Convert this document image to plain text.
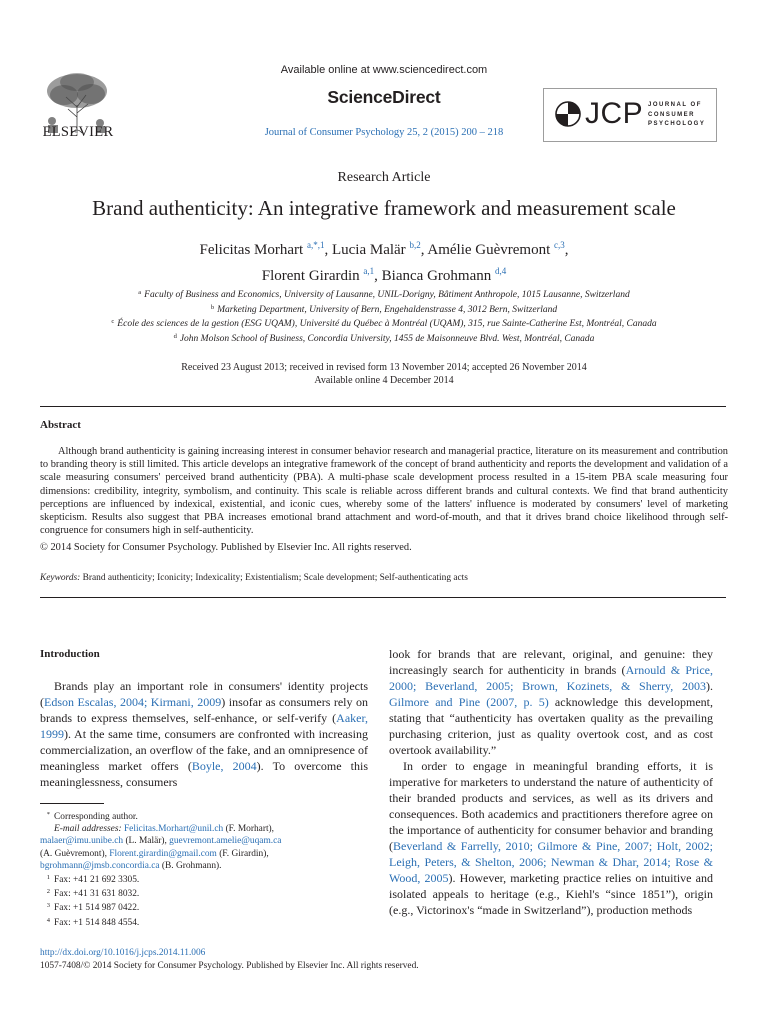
ELSEVIER
Available online at www.sciencedirect.com
ScienceDirect
Journal of Consumer Psychology 25, 2 (2015) 200 – 218
JCP JOURNAL OF
CONSUMER
PSYCHOLOGY
Research Article
Brand authenticity: An integrative framework and measurement scale
Felicitas Morhart $^{a,*,1}$, Lucia Malär $^{b,2}$, Amélie Guèvremont $^{c,3}$,
Florent Girardin $^{a,1}$, Bianca Grohmann $^{d,4}$
$^a$ Faculty of Business and Economics, University of Lausanne, UNIL-Dorigny, Bâtiment Anthropole, 1015 Lausanne, Switzerland
$^b$ Marketing Department, University of Bern, Engehaldenstrasse 4, 3012 Bern, Switzerland
$^c$ École des sciences de la gestion (ESG UQAM), Université du Québec à Montréal (UQAM), 315, rue Sainte-Catherine Est, Montréal, Canada
$^d$ John Molson School of Business, Concordia University, 1455 de Maisonneuve Blvd. West, Montréal, Canada
Received 23 August 2013; received in revised form 13 November 2014; accepted 26 November 2014
Available online 4 December 2014
Abstract
Although brand authenticity is gaining increasing interest in consumer behavior research and managerial practice, literature on its measurement and contribution to branding theory is still limited. This article develops an integrative framework of the concept of brand authenticity and reports the development and validation of a scale measuring consumers' perceived brand authenticity (PBA). A multi-phase scale development process resulted in a 15-item PBA scale measuring four dimensions: credibility, integrity, symbolism, and continuity. This scale is reliable across different brands and cultural contexts. We find that brand authenticity perceptions are influenced by indexical, existential, and iconic cues, whereby some of the latters' influence is moderated by consumers' level of marketing skepticism. Results also suggest that PBA increases emotional brand attachment and word-of-mouth, and that it drives brand choice likelihood through self-congruence for consumers high in self-authenticity.
© 2014 Society for Consumer Psychology. Published by Elsevier Inc. All rights reserved.
Keywords: Brand authenticity; Iconicity; Indexicality; Existentialism; Scale development; Self-authenticating acts
Introduction

Brands play an important role in consumers' identity projects (Edson Escalas, 2004; Kirmani, 2009) insofar as consumers rely on brands to express themselves, self-enhance, or self-verify (Aaker, 1999). At the same time, consumers are confronted with increasing commercialization, an overflow of the fake, and an omnipresence of meaningless market offers (Boyle, 2004). To overcome this meaninglessness, consumers

look for brands that are relevant, original, and genuine: they increasingly search for authenticity in brands (Arnould & Price, 2000; Beverland, 2005; Brown, Kozinets, & Sherry, 2003). Gilmore and Pine (2007, p. 5) acknowledge this development, stating that “authenticity has overtaken quality as the prevailing purchasing criterion, just as quality overtook cost, and as cost overtook availability.”

In order to engage in meaningful branding efforts, it is imperative for marketers to understand the nature of authenticity of their branded products and services, as well as its drivers and consequences. Both academics and practitioners therefore agree on the importance of authenticity for consumer behavior and branding (Beverland & Farrelly, 2010; Gilmore & Pine, 2007; Holt, 2002; Leigh, Peters, & Shelton, 2006; Newman & Dhar, 2014; Rose & Wood, 2005). However, marketing practice relies on intuitive and isolated appeals to heritage (e.g., Kiehl's “since 1851”), origin (e.g., Victorinox's “made in Switzerland”), production methods

* Corresponding author.
E-mail addresses: Felicitas.Morhart@unil.ch (F. Morhart),
malaer@imu.unibe.ch (L. Malär), guevremont.amelie@uqam.ca
(A. Guèvremont), Florent.girardin@gmail.com (F. Girardin),
bgrohmann@jmsb.concordia.ca (B. Grohmann).
1 Fax: +41 21 692 3305.
2 Fax: +41 31 631 8032.
3 Fax: +1 514 987 0422.
4 Fax: +1 514 848 4554.
http://dx.doi.org/10.1016/j.jcps.2014.11.006
1057-7408/© 2014 Society for Consumer Psychology. Published by Elsevier Inc. All rights reserved.
